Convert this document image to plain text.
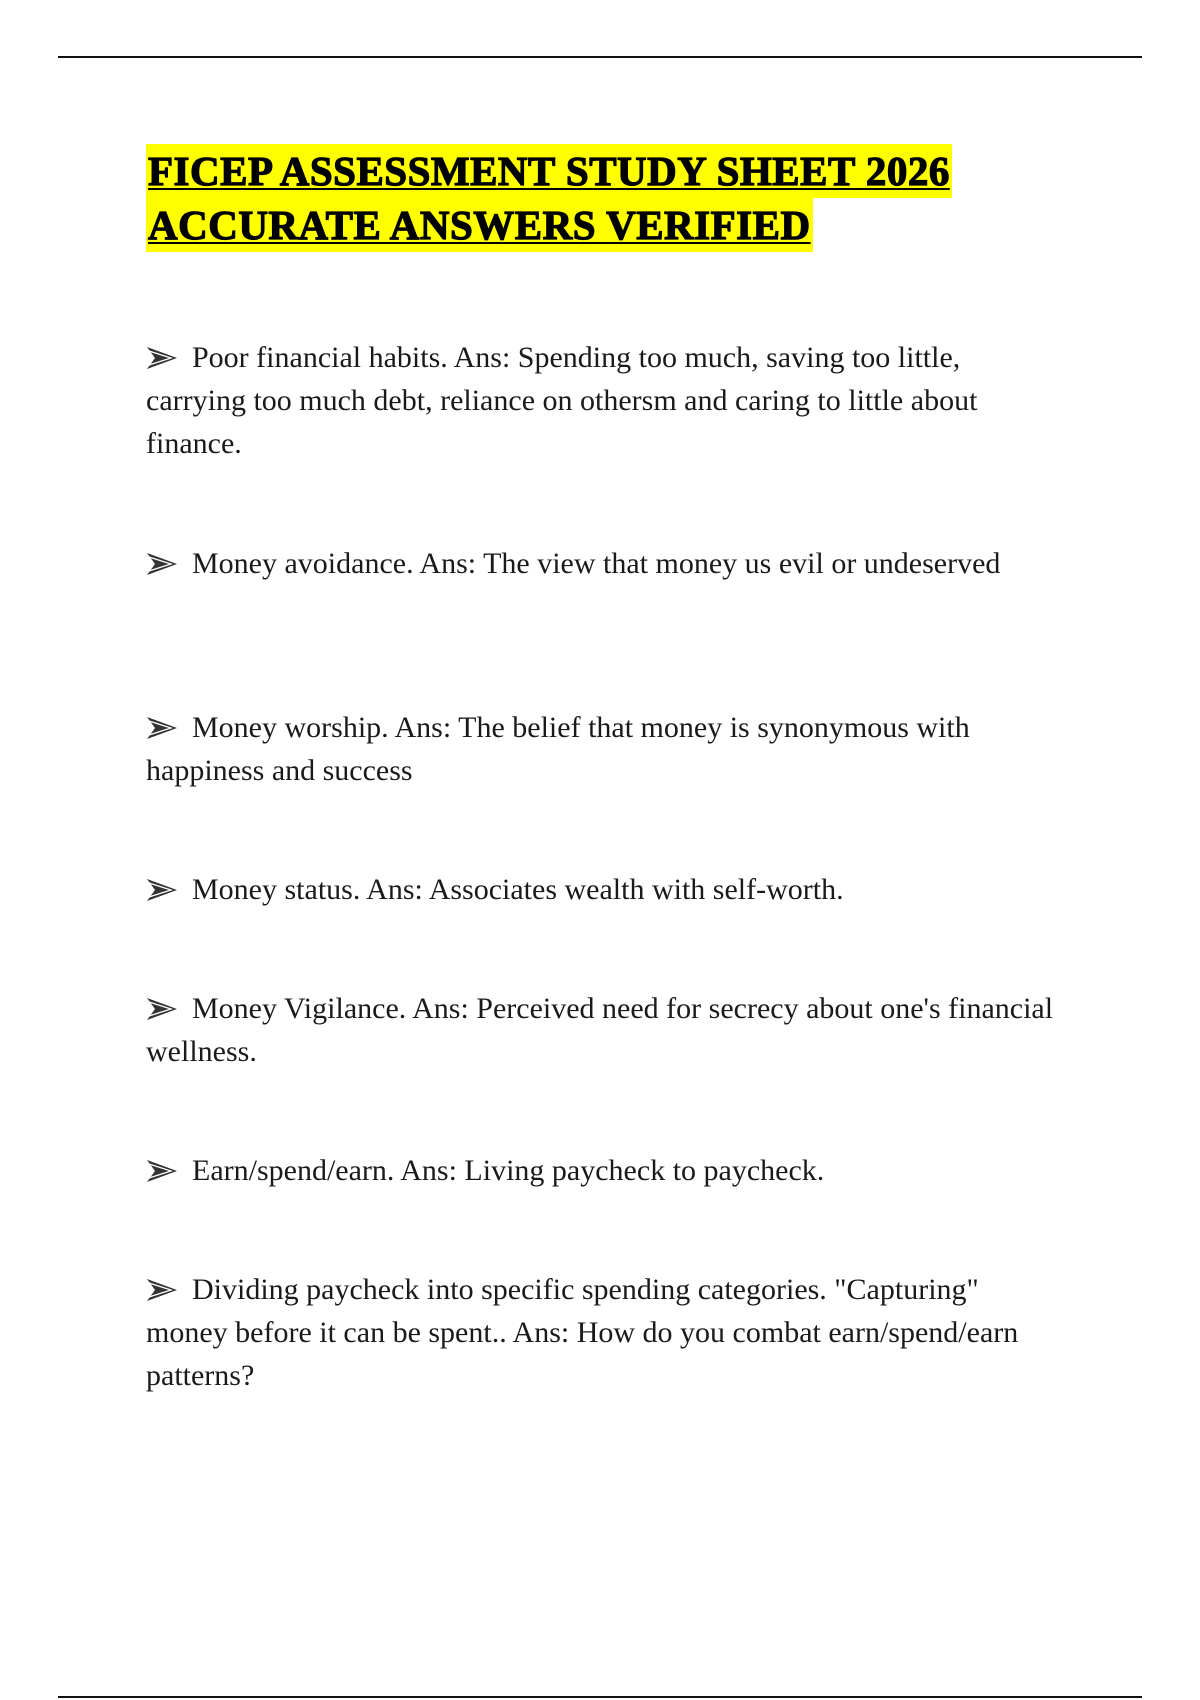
FICEP ASSESSMENT STUDY SHEET 2026
ACCURATE ANSWERS VERIFIED
Poor financial habits. Ans: Spending too much, saving too little, carrying too much debt, reliance on othersm and caring to little about finance.
Money avoidance. Ans: The view that money us evil or undeserved
Money worship. Ans: The belief that money is synonymous with happiness and success
Money status. Ans: Associates wealth with self-worth.
Money Vigilance. Ans: Perceived need for secrecy about one's financial wellness.
Earn/spend/earn. Ans: Living paycheck to paycheck.
Dividing paycheck into specific spending categories. "Capturing" money before it can be spent.. Ans: How do you combat earn/spend/earn patterns?
